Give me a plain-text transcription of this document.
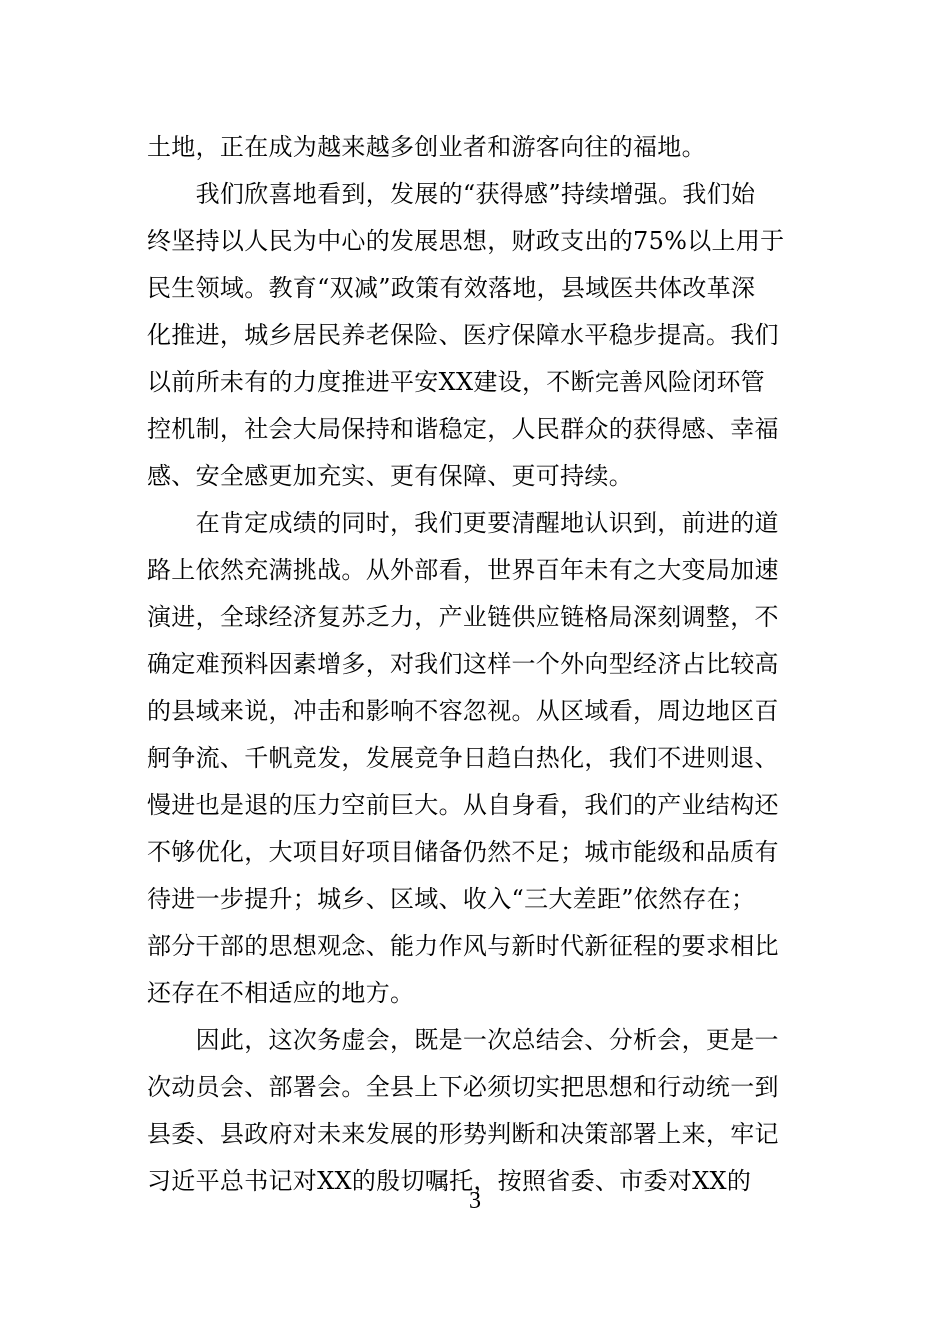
土地，正在成为越来越多创业者和游客向往的福地。
　　我们欣喜地看到，发展的“获得感”持续增强。我们始
终坚持以人民为中心的发展思想，财政支出的75%以上用于
民生领域。教育“双减”政策有效落地，县域医共体改革深
化推进，城乡居民养老保险、医疗保障水平稳步提高。我们
以前所未有的力度推进平安XX建设，不断完善风险闭环管
控机制，社会大局保持和谐稳定，人民群众的获得感、幸福
感、安全感更加充实、更有保障、更可持续。
　　在肯定成绩的同时，我们更要清醒地认识到，前进的道
路上依然充满挑战。从外部看，世界百年未有之大变局加速
演进，全球经济复苏乏力，产业链供应链格局深刻调整，不
确定难预料因素增多，对我们这样一个外向型经济占比较高
的县域来说，冲击和影响不容忽视。从区域看，周边地区百
舸争流、千帆竞发，发展竞争日趋白热化，我们不进则退、
慢进也是退的压力空前巨大。从自身看，我们的产业结构还
不够优化，大项目好项目储备仍然不足；城市能级和品质有
待进一步提升；城乡、区域、收入“三大差距”依然存在；
部分干部的思想观念、能力作风与新时代新征程的要求相比
还存在不相适应的地方。
　　因此，这次务虚会，既是一次总结会、分析会，更是一
次动员会、部署会。全县上下必须切实把思想和行动统一到
县委、县政府对未来发展的形势判断和决策部署上来，牢记
习近平总书记对XX的殷切嘱托，按照省委、市委对XX的
3
